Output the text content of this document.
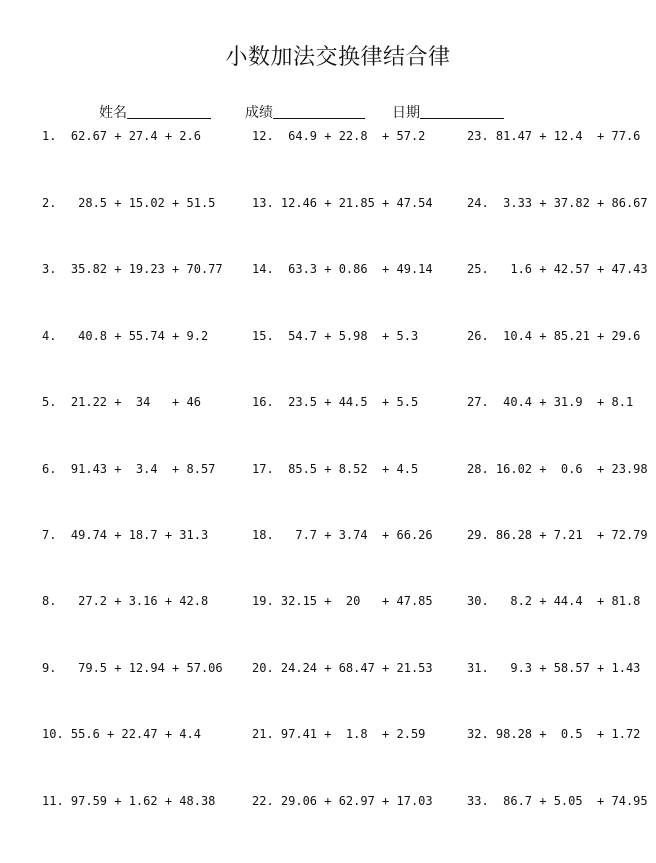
小数加法交换律结合律
姓名	成绩	日期
1.  62.67 + 27.4 + 2.6
2.   28.5 + 15.02 + 51.5
3.  35.82 + 19.23 + 70.77
4.   40.8 + 55.74 + 9.2
5.  21.22 +  34   + 46
6.  91.43 +  3.4  + 8.57
7.  49.74 + 18.7 + 31.3
8.   27.2 + 3.16 + 42.8
9.   79.5 + 12.94 + 57.06
10. 55.6 + 22.47 + 4.4
11. 97.59 + 1.62 + 48.38
12.  64.9 + 22.8  + 57.2
13. 12.46 + 21.85 + 47.54
14.  63.3 + 0.86  + 49.14
15.  54.7 + 5.98  + 5.3
16.  23.5 + 44.5  + 5.5
17.  85.5 + 8.52  + 4.5
18.   7.7 + 3.74  + 66.26
19. 32.15 +  20   + 47.85
20. 24.24 + 68.47 + 21.53
21. 97.41 +  1.8  + 2.59
22. 29.06 + 62.97 + 17.03
23. 81.47 + 12.4  + 77.6
24.  3.33 + 37.82 + 86.67
25.   1.6 + 42.57 + 47.43
26.  10.4 + 85.21 + 29.6
27.  40.4 + 31.9  + 8.1
28. 16.02 +  0.6  + 23.98
29. 86.28 + 7.21  + 72.79
30.   8.2 + 44.4  + 81.8
31.   9.3 + 58.57 + 1.43
32. 98.28 +  0.5  + 1.72
33.  86.7 + 5.05  + 74.95
